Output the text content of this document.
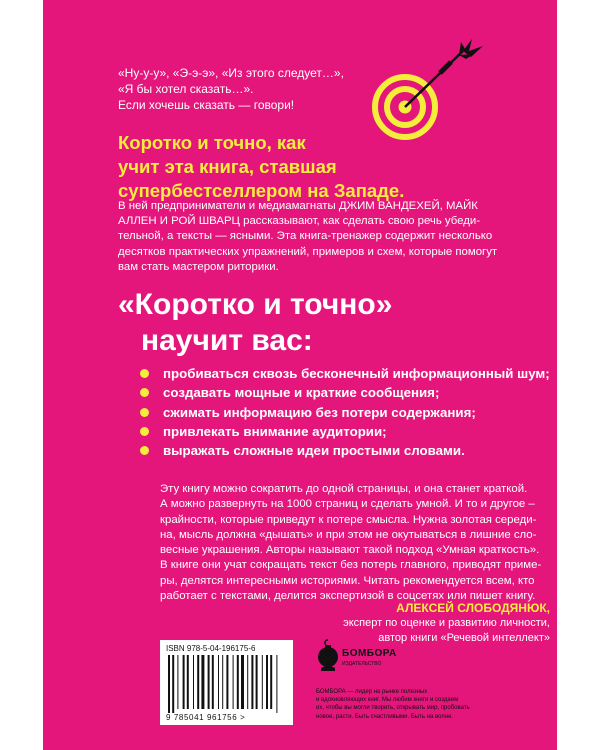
«Ну-у-у», «Э-э-э», «Из этого следует…»,
«Я бы хотел сказать…».
Если хочешь сказать — говори!
Коротко и точно, как
учит эта книга, ставшая
супербестселлером на Западе.
В ней предприниматели и медиамагнаты ДЖИМ ВАНДЕХЕЙ, МАЙК
АЛЛЕН И РОЙ ШВАРЦ рассказывают, как сделать свою речь убеди-
тельной, а тексты — ясными. Эта книга-тренажер содержит несколько
десятков практических упражнений, примеров и схем, которые помогут
вам стать мастером риторики.
«Коротко и точно»
научит вас:
пробиваться сквозь бесконечный информационный шум;
создавать мощные и краткие сообщения;
сжимать информацию без потери содержания;
привлекать внимание аудитории;
выражать сложные идеи простыми словами.
Эту книгу можно сократить до одной страницы, и она станет краткой.
А можно развернуть на 1000 страниц и сделать умной. И то и другое –
крайности, которые приведут к потере смысла. Нужна золотая середи-
на, мысль должна «дышать» и при этом не окутываться в лишние сло-
весные украшения. Авторы называют такой подход «Умная краткость».
В книге они учат сокращать текст без потерь главного, приводят приме-
ры, делятся интересными историями. Читать рекомендуется всем, кто
работает с текстами, делится экспертизой в соцсетях или пишет книгу.
АЛЕКСЕЙ СЛОБОДЯНЮК,
эксперт по оценке и развитию личности,
автор книги «Речевой интеллект»
ISBN 978-5-04-196175-6
9 785041 961756 >
БОМБОРА
ИЗДАТЕЛЬСТВО
БОМБОРА — лидер на рынке полезных
и вдохновляющих книг. Мы любим книги и создаем
их, чтобы вы могли творить, открывать мир, пробовать
новое, расти. Быть счастливыми. Быть на волне.
